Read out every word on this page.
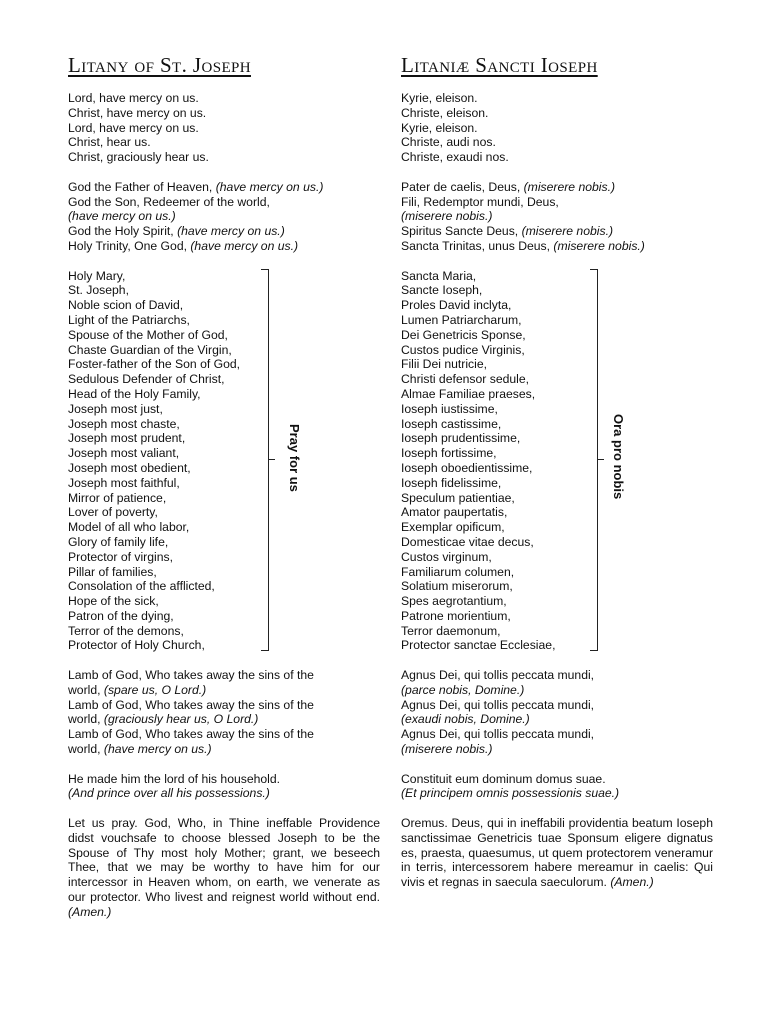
Litany of St. Joseph
Lord, have mercy on us.
Christ, have mercy on us.
Lord, have mercy on us.
Christ, hear us.
Christ, graciously hear us.
God the Father of Heaven, (have mercy on us.)
God the Son, Redeemer of the world,
(have mercy on us.)
God the Holy Spirit, (have mercy on us.)
Holy Trinity, One God, (have mercy on us.)
Holy Mary,
St. Joseph,
Noble scion of David,
Light of the Patriarchs,
Spouse of the Mother of God,
Chaste Guardian of the Virgin,
Foster-father of the Son of God,
Sedulous Defender of Christ,
Head of the Holy Family,
Joseph most just,
Joseph most chaste,
Joseph most prudent,
Joseph most valiant,
Joseph most obedient,
Joseph most faithful,
Mirror of patience,
Lover of poverty,
Model of all who labor,
Glory of family life,
Protector of virgins,
Pillar of families,
Consolation of the afflicted,
Hope of the sick,
Patron of the dying,
Terror of the demons,
Protector of Holy Church,
Lamb of God, Who takes away the sins of the
world, (spare us, O Lord.)
Lamb of God, Who takes away the sins of the
world, (graciously hear us, O Lord.)
Lamb of God, Who takes away the sins of the
world, (have mercy on us.)
He made him the lord of his household.
(And prince over all his possessions.)
Let us pray. God, Who, in Thine ineffable Providence didst vouchsafe to choose blessed Joseph to be the Spouse of Thy most holy Mother; grant, we beseech Thee, that we may be worthy to have him for our intercessor in Heaven whom, on earth, we venerate as our protector. Who livest and reignest world without end. (Amen.)
Litaniæ Sancti Ioseph
Kyrie, eleison.
Christe, eleison.
Kyrie, eleison.
Christe, audi nos.
Christe, exaudi nos.
Pater de caelis, Deus, (miserere nobis.)
Fili, Redemptor mundi, Deus,
(miserere nobis.)
Spiritus Sancte Deus, (miserere nobis.)
Sancta Trinitas, unus Deus, (miserere nobis.)
Sancta Maria,
Sancte Ioseph,
Proles David inclyta,
Lumen Patriarcharum,
Dei Genetricis Sponse,
Custos pudice Virginis,
Filii Dei nutricie,
Christi defensor sedule,
Almae Familiae praeses,
Ioseph iustissime,
Ioseph castissime,
Ioseph prudentissime,
Ioseph fortissime,
Ioseph oboedientissime,
Ioseph fidelissime,
Speculum patientiae,
Amator paupertatis,
Exemplar opificum,
Domesticae vitae decus,
Custos virginum,
Familiarum columen,
Solatium miserorum,
Spes aegrotantium,
Patrone morientium,
Terror daemonum,
Protector sanctae Ecclesiae,
Agnus Dei, qui tollis peccata mundi,
(parce nobis, Domine.)
Agnus Dei, qui tollis peccata mundi,
(exaudi nobis, Domine.)
Agnus Dei, qui tollis peccata mundi,
(miserere nobis.)
Constituit eum dominum domus suae.
(Et principem omnis possessionis suae.)
Oremus. Deus, qui in ineffabili providentia beatum Ioseph sanctissimae Genetricis tuae Sponsum eligere dignatus es, praesta, quaesumus, ut quem protectorem veneramur in terris, intercessorem habere mereamur in caelis: Qui vivis et regnas in saecula saeculorum. (Amen.)
Pray for us	Ora pro nobis
